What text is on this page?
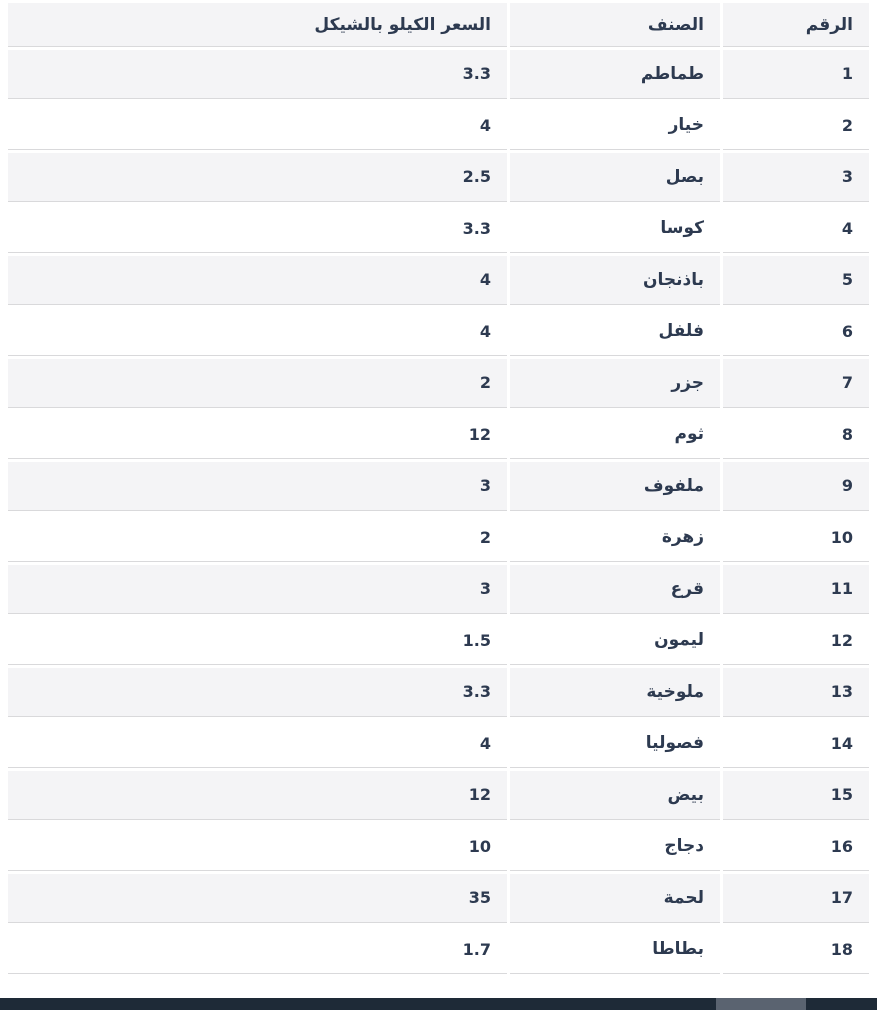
الرقم	الصنف	السعر الكيلو بالشيكل
1	طماطم	3.3
2	خيار	4
3	بصل	2.5
4	كوسا	3.3
5	باذنجان	4
6	فلفل	4
7	جزر	2
8	ثوم	12
9	ملفوف	3
10	زهرة	2
11	قرع	3
12	ليمون	1.5
13	ملوخية	3.3
14	فصوليا	4
15	بيض	12
16	دجاج	10
17	لحمة	35
18	بطاطا	1.7
